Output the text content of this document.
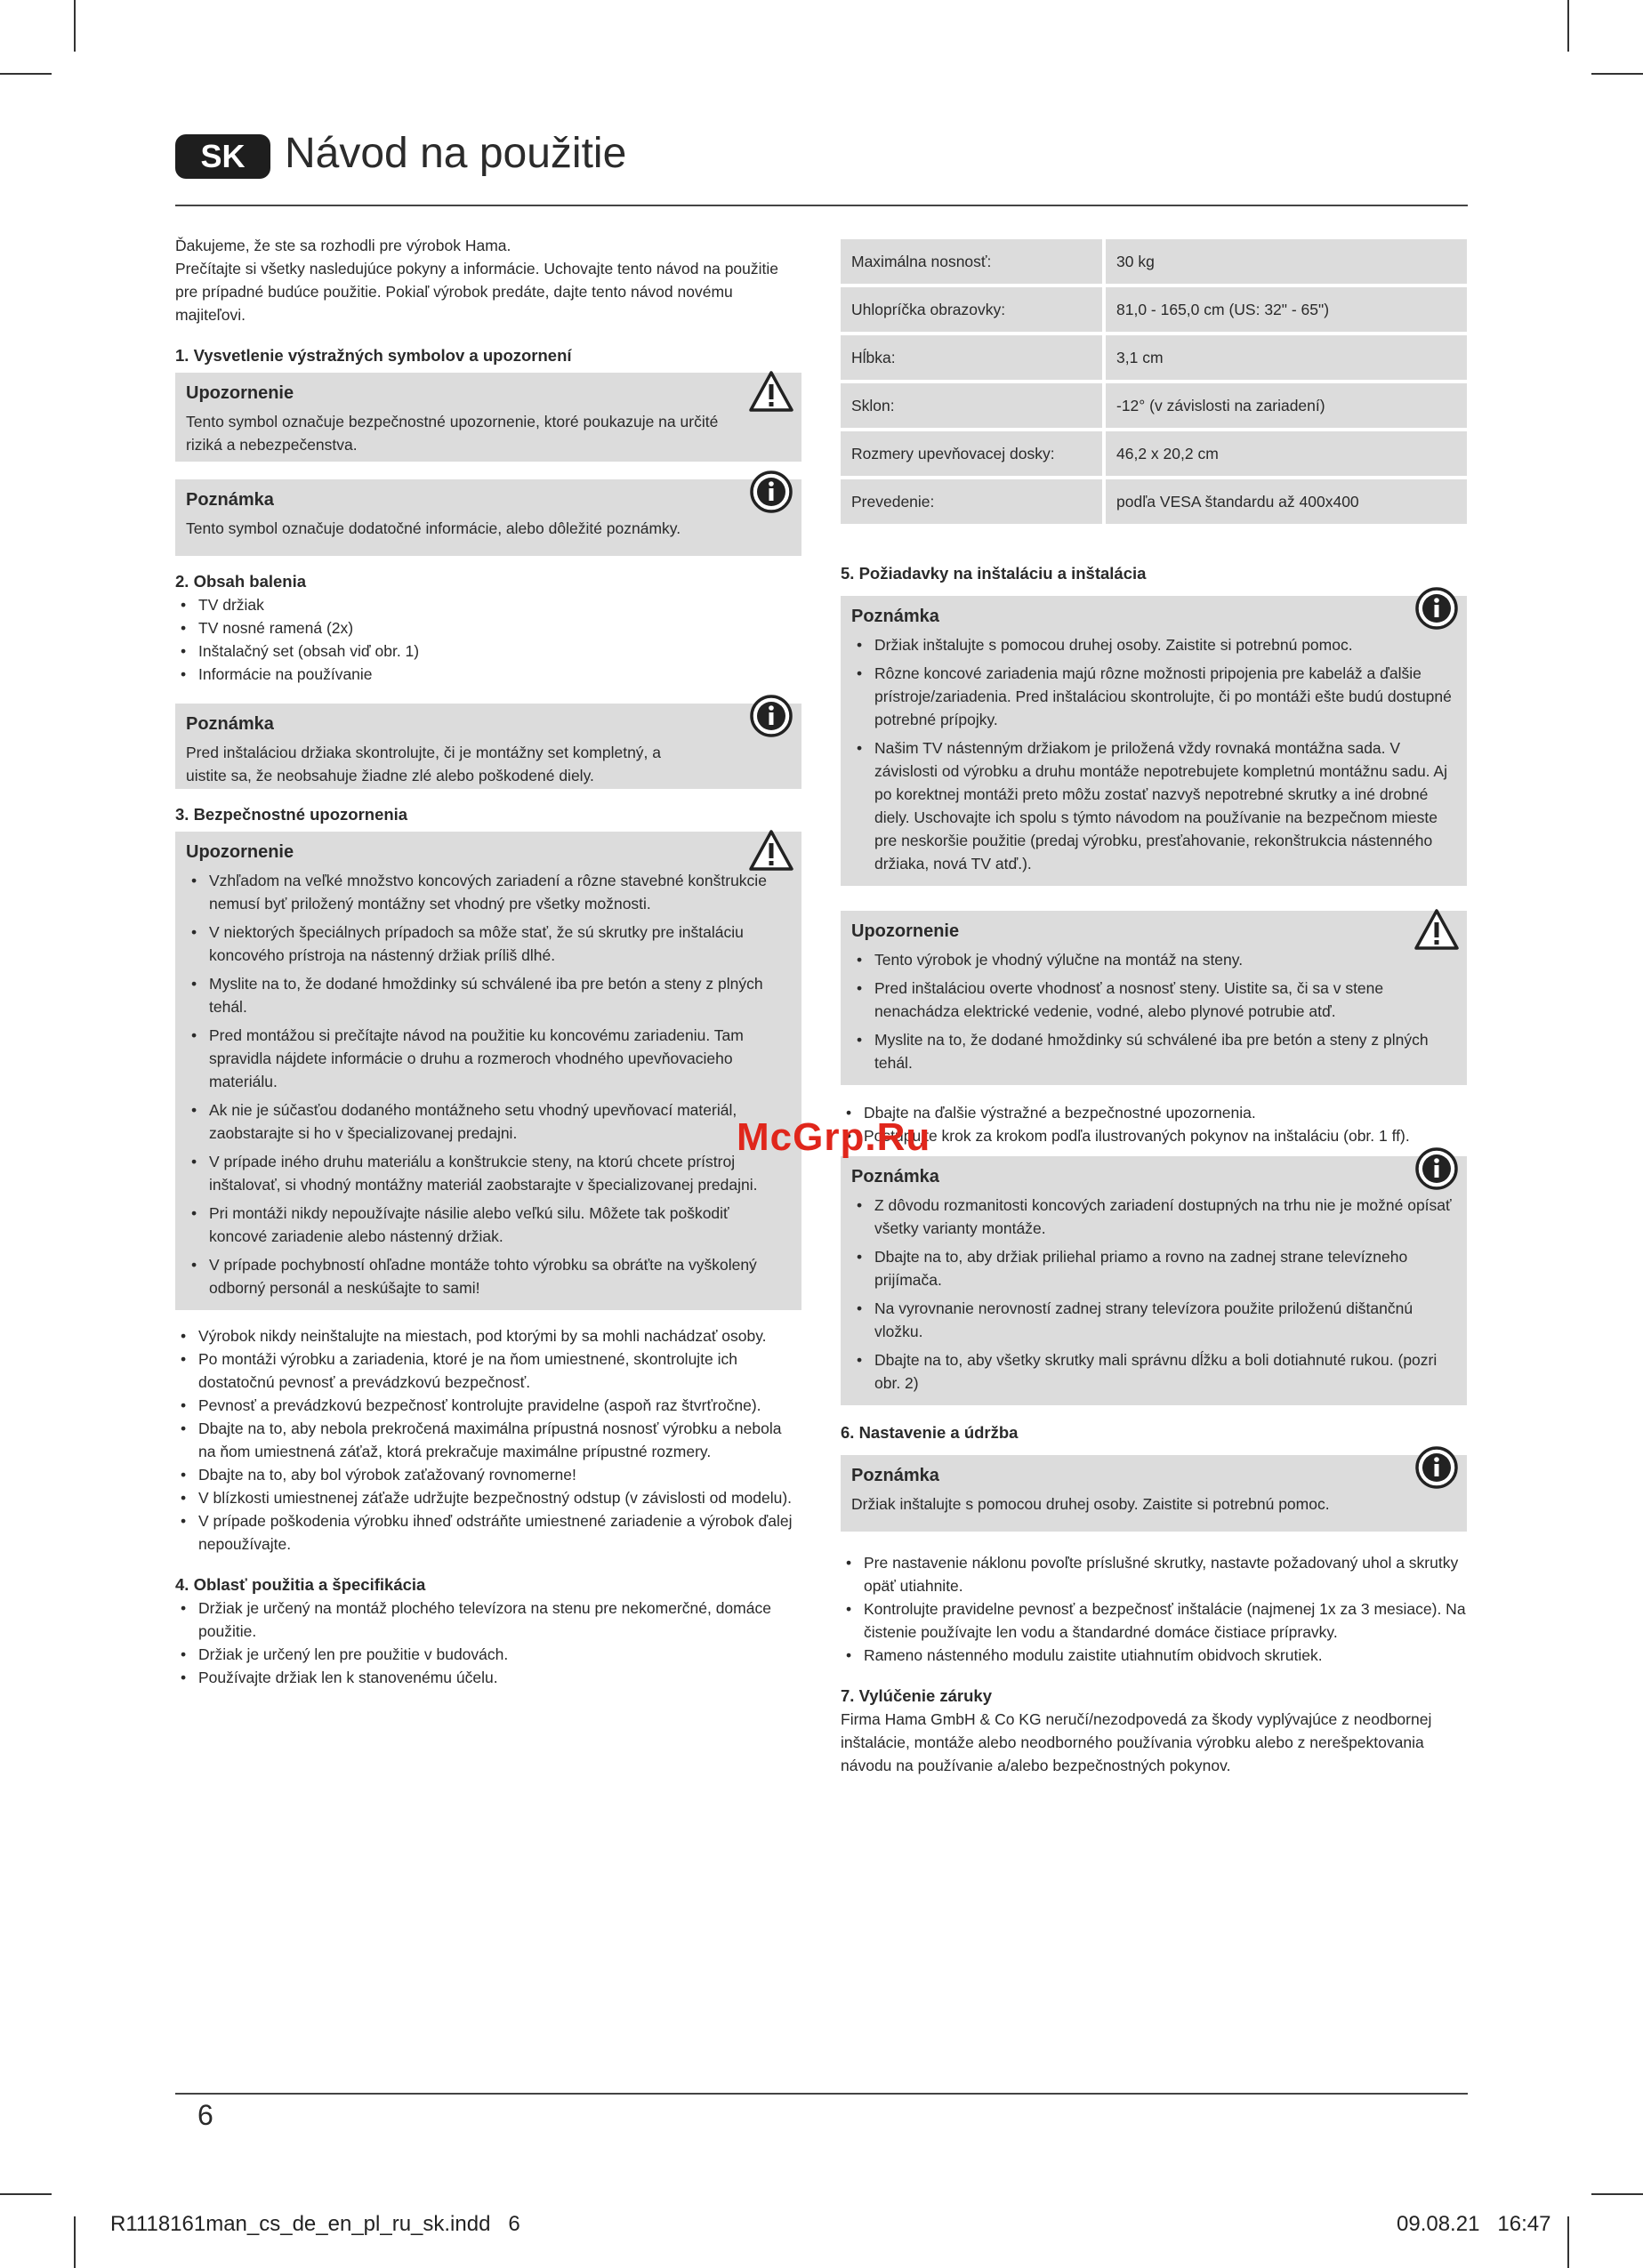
SK Návod na použitie

Ďakujeme, že ste sa rozhodli pre výrobok Hama.

Prečítajte si všetky nasledujúce pokyny a informácie. Uchovajte tento návod na použitie pre prípadné budúce použitie. Pokiaľ výrobok predáte, dajte tento návod novému majiteľovi.

1. Vysvetlenie výstražných symbolov a upozornení

Upozornenie

Tento symbol označuje bezpečnostné upozornenie, ktoré poukazuje na určité riziká a nebezpečenstva.

Poznámka

Tento symbol označuje dodatočné informácie, alebo dôležité poznámky.

2. Obsah balenia

• TV držiak
• TV nosné ramená (2x)
• Inštalačný set (obsah viď obr. 1)
• Informácie na používanie

Poznámka

Pred inštaláciou držiaka skontrolujte, či je montážny set kompletný, a uistite sa, že neobsahuje žiadne zlé alebo poškodené diely.

3. Bezpečnostné upozornenia

Upozornenie

• Vzhľadom na veľké množstvo koncových zariadení a rôzne stavebné konštrukcie nemusí byť priložený montážny set vhodný pre všetky možnosti.
• V niektorých špeciálnych prípadoch sa môže stať, že sú skrutky pre inštaláciu koncového prístroja na nástenný držiak príliš dlhé.
• Myslite na to, že dodané hmoždinky sú schválené iba pre betón a steny z plných tehál.
• Pred montážou si prečítajte návod na použitie ku koncovému zariadeniu. Tam spravidla nájdete informácie o druhu a rozmeroch vhodného upevňovacieho materiálu.
• Ak nie je súčasťou dodaného montážneho setu vhodný upevňovací materiál, zaobstarajte si ho v špecializovanej predajni.
• V prípade iného druhu materiálu a konštrukcie steny, na ktorú chcete prístroj inštalovať, si vhodný montážny materiál zaobstarajte v špecializovanej predajni.
• Pri montáži nikdy nepoužívajte násilie alebo veľkú silu. Môžete tak poškodiť koncové zariadenie alebo nástenný držiak.
• V prípade pochybností ohľadne montáže tohto výrobku sa obráťte na vyškolený odborný personál a neskúšajte to sami!
• Výrobok nikdy neinštalujte na miestach, pod ktorými by sa mohli nachádzať osoby.
• Po montáži výrobku a zariadenia, ktoré je na ňom umiestnené, skontrolujte ich dostatočnú pevnosť a prevádzkovú bezpečnosť.
• Pevnosť a prevádzkovú bezpečnosť kontrolujte pravidelne (aspoň raz štvrťročne).
• Dbajte na to, aby nebola prekročená maximálna prípustná nosnosť výrobku a nebola na ňom umiestnená záťaž, ktorá prekračuje maximálne prípustné rozmery.
• Dbajte na to, aby bol výrobok zaťažovaný rovnomerne!
• V blízkosti umiestnenej záťaže udržujte bezpečnostný odstup (v závislosti od modelu).
• V prípade poškodenia výrobku ihneď odstráňte umiestnené zariadenie a výrobok ďalej nepoužívajte.

4. Oblasť použitia a špecifikácia

• Držiak je určený na montáž plochého televízora na stenu pre nekomerčné, domáce použitie.
• Držiak je určený len pre použitie v budovách.
• Používajte držiak len k stanovenému účelu.
Maximálna nosnosť:	30 kg
Uhlopríčka obrazovky:	81,0 - 165,0 cm (US: 32" - 65")
Hĺbka:	3,1 cm
Sklon:	-12° (v závislosti na zariadení)
Rozmery upevňovacej dosky:	46,2 x 20,2 cm
Prevedenie:	podľa VESA štandardu až 400x400

5. Požiadavky na inštaláciu a inštalácia

Poznámka

• Držiak inštalujte s pomocou druhej osoby. Zaistite si potrebnú pomoc.
• Rôzne koncové zariadenia majú rôzne možnosti pripojenia pre kabeláž a ďalšie prístroje/zariadenia. Pred inštaláciou skontrolujte, či po montáži ešte budú dostupné potrebné prípojky.
• Našim TV nástenným držiakom je priložená vždy rovnaká montážna sada. V závislosti od výrobku a druhu montáže nepotrebujete kompletnú montážnu sadu. Aj po korektnej montáži preto môžu zostať nazvyš nepotrebné skrutky a iné drobné diely. Uschovajte ich spolu s týmto návodom na používanie na bezpečnom mieste pre neskoršie použitie (predaj výrobku, presťahovanie, rekonštrukcia nástenného držiaka, nová TV atď.).

Upozornenie

• Tento výrobok je vhodný výlučne na montáž na steny.
• Pred inštaláciou overte vhodnosť a nosnosť steny. Uistite sa, či sa v stene nenachádza elektrické vedenie, vodné, alebo plynové potrubie atď.
• Myslite na to, že dodané hmoždinky sú schválené iba pre betón a steny z plných tehál.
• Dbajte na ďalšie výstražné a bezpečnostné upozornenia.
• Postupujte krok za krokom podľa ilustrovaných pokynov na inštaláciu (obr. 1 ff).

Poznámka

• Z dôvodu rozmanitosti koncových zariadení dostupných na trhu nie je možné opísať všetky varianty montáže.
• Dbajte na to, aby držiak priliehal priamo a rovno na zadnej strane televízneho prijímača.
• Na vyrovnanie nerovností zadnej strany televízora použite priloženú dištančnú vložku.
• Dbajte na to, aby všetky skrutky mali správnu dĺžku a boli dotiahnuté rukou. (pozri obr. 2)

6. Nastavenie a údržba

Poznámka

Držiak inštalujte s pomocou druhej osoby. Zaistite si potrebnú pomoc.

• Pre nastavenie náklonu povoľte príslušné skrutky, nastavte požadovaný uhol a skrutky opäť utiahnite.
• Kontrolujte pravidelne pevnosť a bezpečnosť inštalácie (najmenej 1x za 3 mesiace). Na čistenie používajte len vodu a štandardné domáce čistiace prípravky.
• Rameno nástenného modulu zaistite utiahnutím obidvoch skrutiek.

7. Vylúčenie záruky

Firma Hama GmbH & Co KG neručí/nezodpovedá za škody vyplývajúce z neodbornej inštalácie, montáže alebo neodborného používania výrobku alebo z nerešpektovania návodu na používanie a/alebo bezpečnostných pokynov.

McGrp.Ru
6
R1118161man_cs_de_en_pl_ru_sk.indd   6	09.08.21   16:47
